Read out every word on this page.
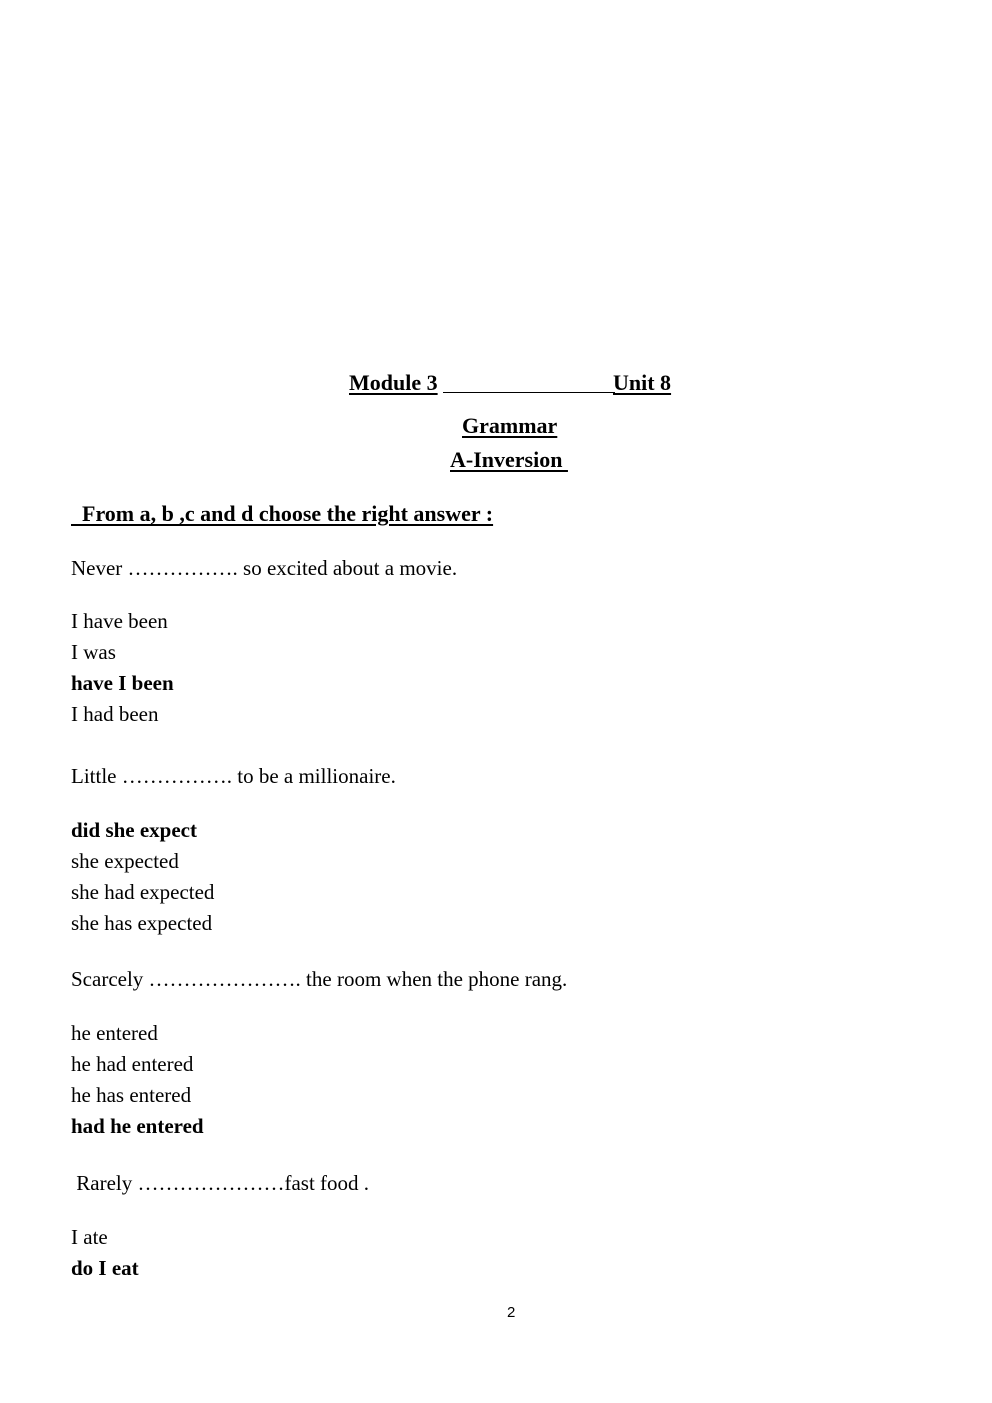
Module 3	Unit 8
Grammar
A-Inversion
From a, b ,c and d choose the right answer :
Never ……………. so excited about a movie.
I have been
I was
have I been
I had been
Little ……………. to be a millionaire.
did she expect
she expected
she had expected
she has expected
Scarcely …………………. the room when the phone rang.
he entered
he had entered
he has entered
had he entered
Rarely …………………fast food .
I ate
do I eat
2
